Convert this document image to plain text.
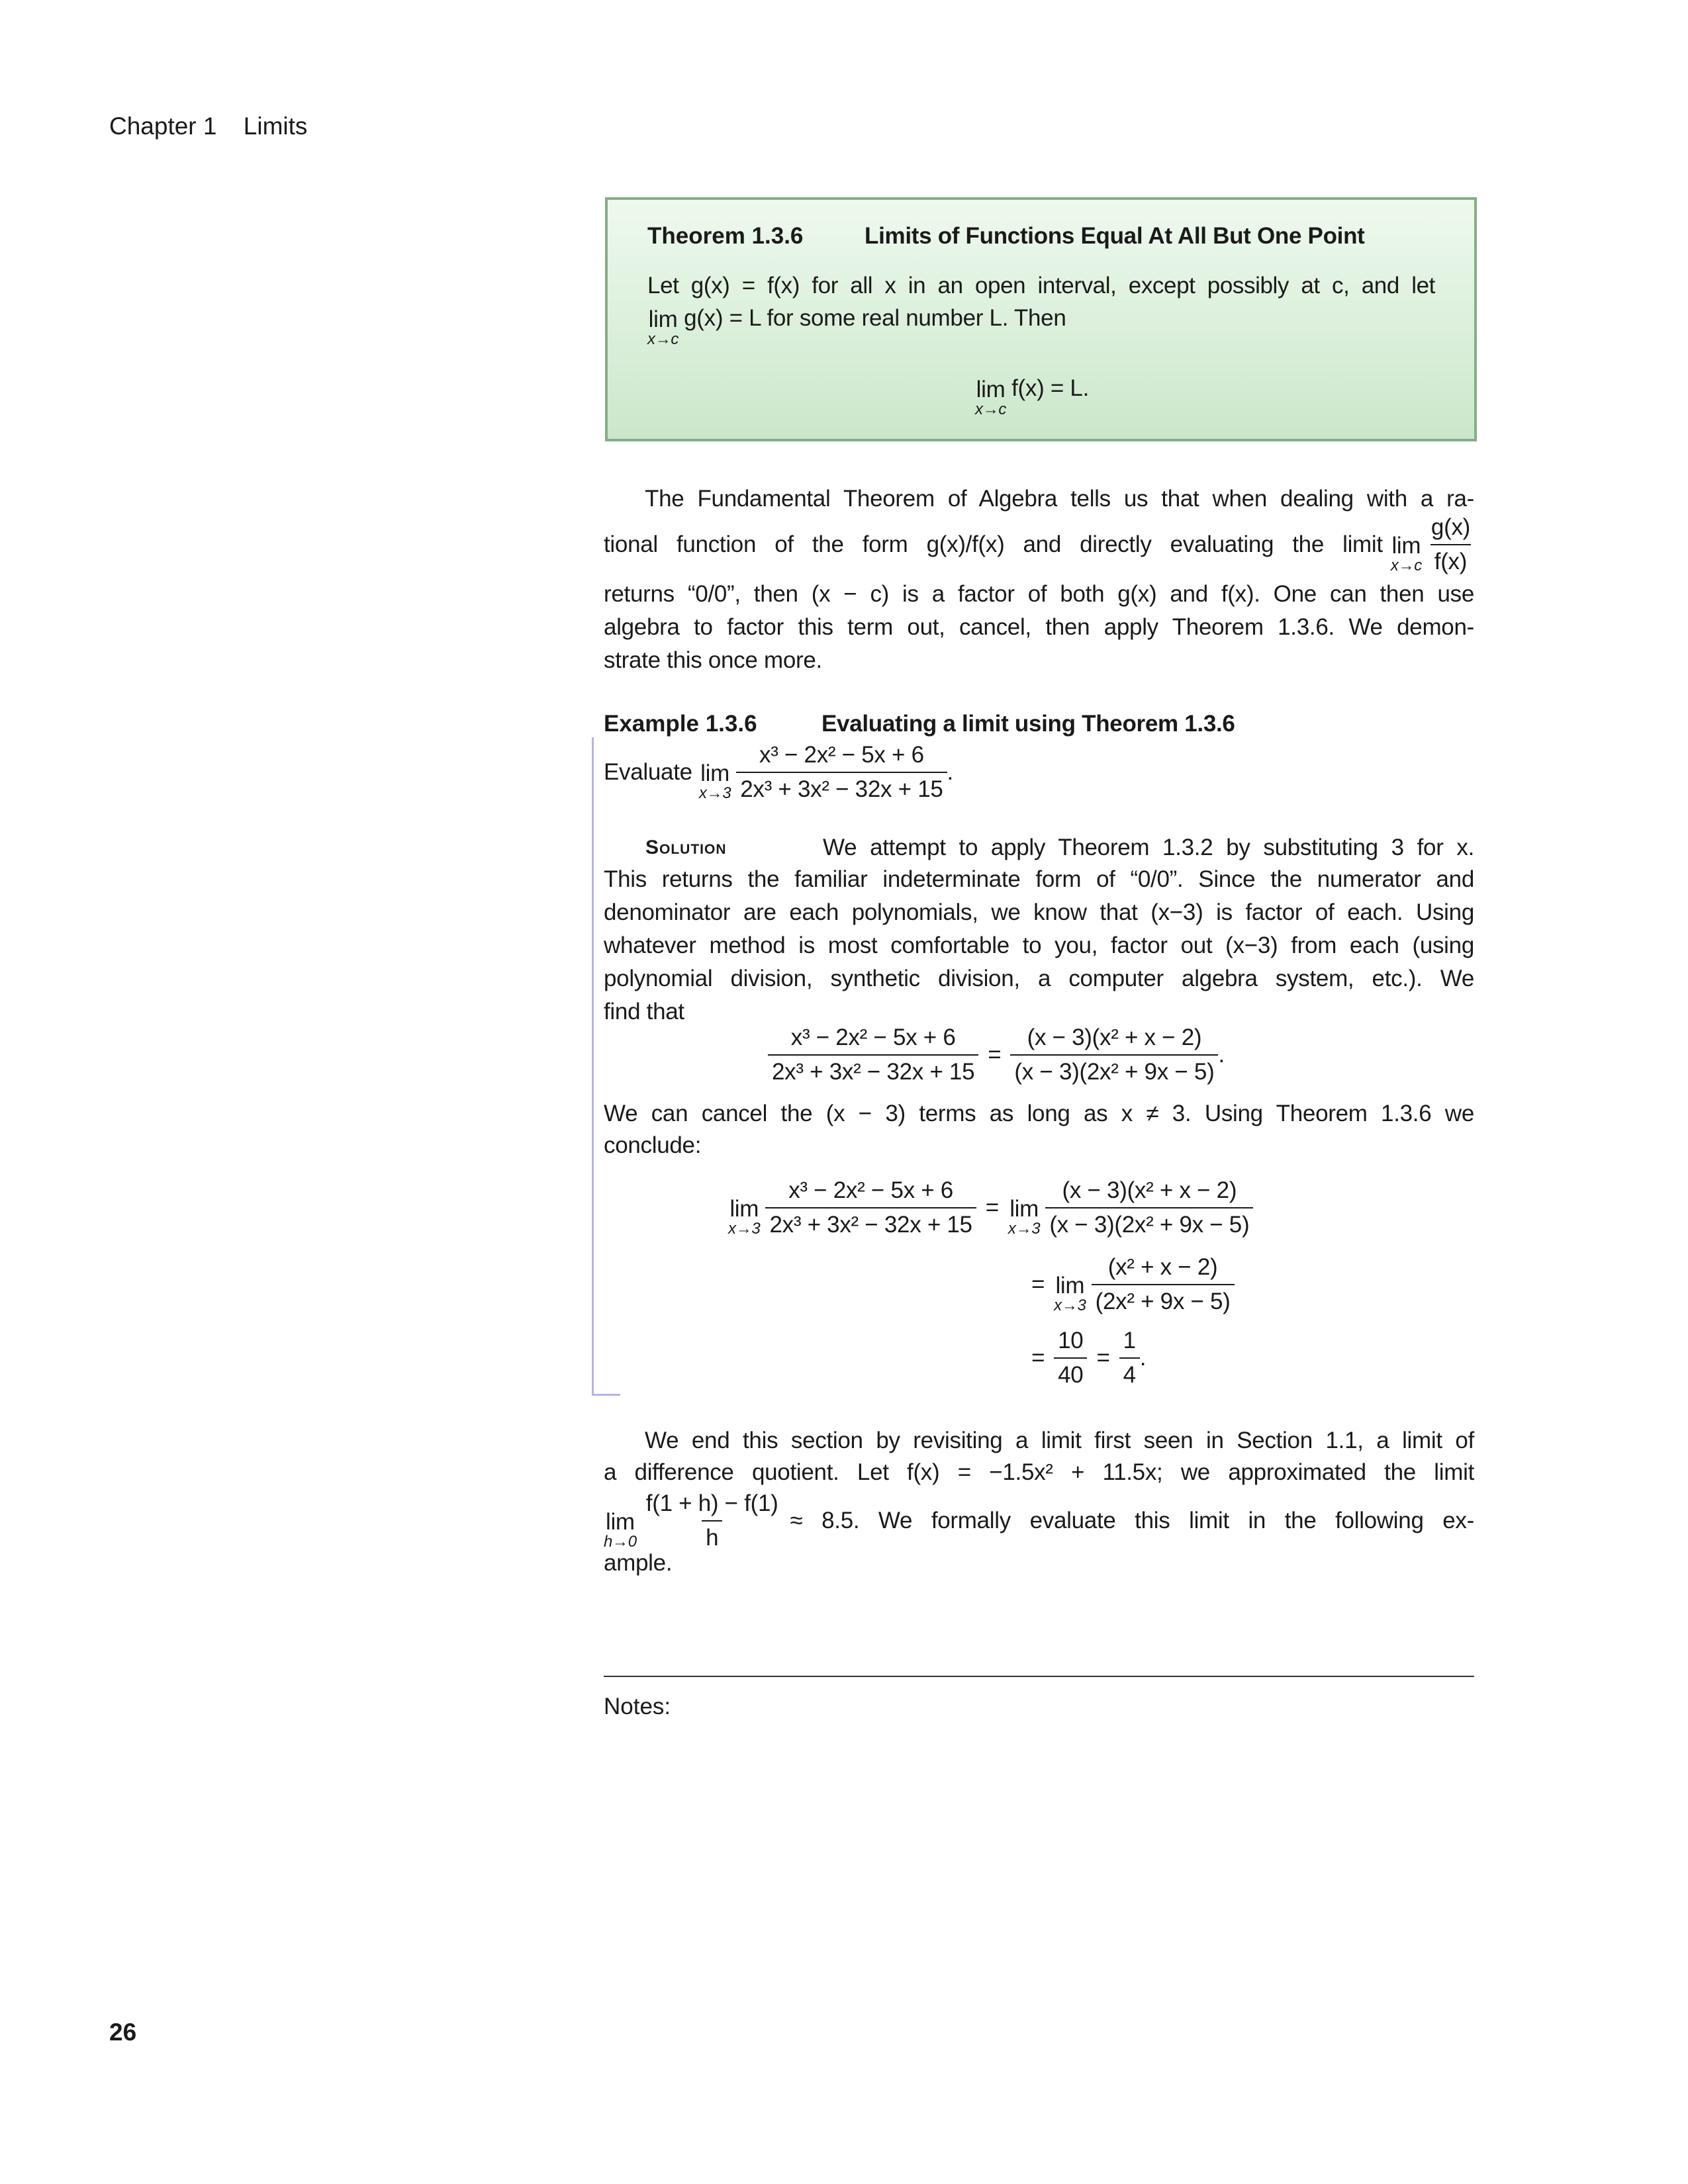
Chapter 1 Limits
Theorem 1.3.6	Limits of Functions Equal At All But One Point
Let g(x) = f(x) for all x in an open interval, except possibly at c, and let
lim
x→c
g(x) = L for some real number L. Then
lim
x→c
f(x) = L.
The Fundamental Theorem of Algebra tells us that when dealing with a ra-
tional function of the form g(x)/f(x) and directly evaluating the limit lim
$x\to c \frac{g(x)}{f(x)}$
returns “0/0”, then (x − c) is a factor of both g(x) and f(x). One can then use
algebra to factor this term out, cancel, then apply Theorem 1.3.6. We demon-
strate this once more.
Example 1.3.6	Evaluating a limit using Theorem 1.3.6
Evaluate lim
$x\to 3 \frac{\text{x³ − 2x² − 5x + 6}}{\text{2x³ + 3x² − 32x + 15}}$ .
Solution	We attempt to apply Theorem 1.3.2 by substituting 3 for x.
This returns the familiar indeterminate form of “0/0”. Since the numerator and
denominator are each polynomials, we know that (x−3) is factor of each. Using
whatever method is most comfortable to you, factor out (x−3) from each (using
polynomial division, synthetic division, a computer algebra system, etc.). We
find that
$\frac{\text{x³ − 2x² − 5x + 6}}{\text{2x³ + 3x² − 32x + 15}} = \frac{\text{(x − 3)(x² + x − 2)}}{\text{(x − 3)(2x² + 9x − 5)}}$ .
We can cancel the (x − 3) terms as long as x ≠ 3. Using Theorem 1.3.6 we
conclude:
lim
$x\to 3 \frac{\text{x³ − 2x² − 5x + 6}}{\text{2x³ + 3x² − 32x + 15}} = \lim$
$x\to 3 \frac{\text{(x − 3)(x² + x − 2)}}{\text{(x − 3)(2x² + 9x − 5)}}$
= lim
$x\to 3 \frac{\text{(x² + x − 2)}}{\text{(2x² + 9x − 5)}}$
= $\frac{10}{40} = \frac{1}{4}$ .
We end this section by revisiting a limit first seen in Section 1.1, a limit of
a difference quotient. Let f(x) = −1.5x² + 11.5x; we approximated the limit
lim
$h\to 0 \frac{f(1 + h) - f(1)}{h} \approx 8.5$. We formally evaluate this limit in the following ex-
ample.
Notes:
26
